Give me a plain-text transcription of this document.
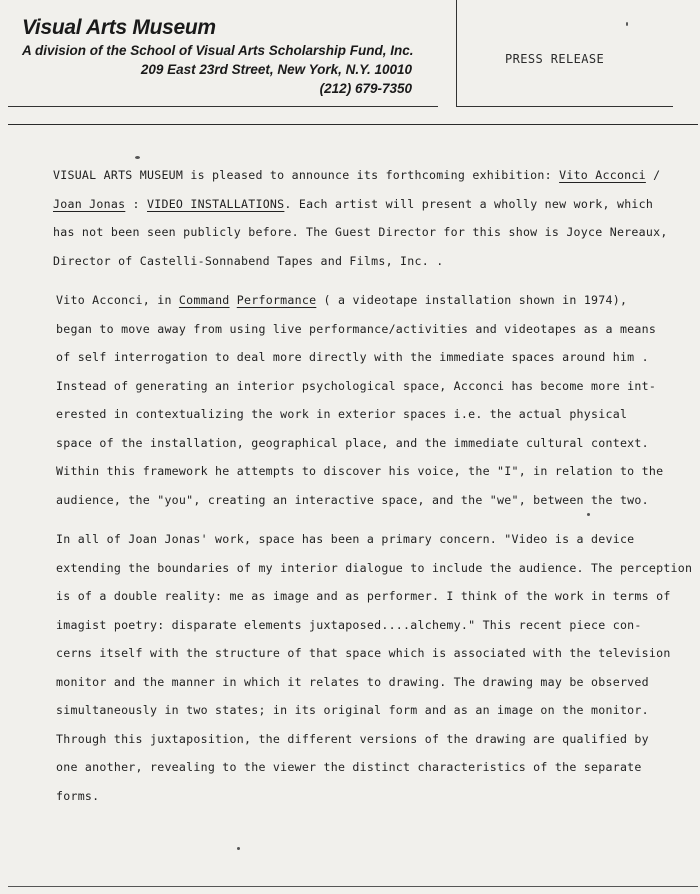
Visual Arts Museum

A division of the School of Visual Arts Scholarship Fund, Inc.

209 East 23rd Street, New York, N.Y. 10010

(212) 679-7350

PRESS RELEASE
VISUAL ARTS MUSEUM is pleased to announce its forthcoming exhibition: Vito Acconci /
Joan Jonas : VIDEO INSTALLATIONS. Each artist will present a wholly new work, which
has not been seen publicly before. The Guest Director for this show is Joyce Nereaux,
Director of Castelli-Sonnabend Tapes and Films, Inc. .
Vito Acconci, in Command Performance ( a videotape installation shown in 1974),
began to move away from using live performance/activities and videotapes as a means
of self interrogation to deal more directly with the immediate spaces around him .
Instead of generating an interior psychological space, Acconci has become more int-
erested in contextualizing the work in exterior spaces i.e. the actual physical
space of the installation, geographical place, and the immediate cultural context.
Within this framework he attempts to discover his voice, the "I", in relation to the
audience, the "you", creating an interactive space, and the "we", between the two.
In all of Joan Jonas' work, space has been a primary concern. "Video is a device
extending the boundaries of my interior dialogue to include the audience. The perception
is of a double reality: me as image and as performer. I think of the work in terms of
imagist poetry: disparate elements juxtaposed....alchemy." This recent piece con-
cerns itself with the structure of that space which is associated with the television
monitor and the manner in which it relates to drawing. The drawing may be observed
simultaneously in two states; in its original form and as an image on the monitor.
Through this juxtaposition, the different versions of the drawing are qualified by
one another, revealing to the viewer the distinct characteristics of the separate
forms.
